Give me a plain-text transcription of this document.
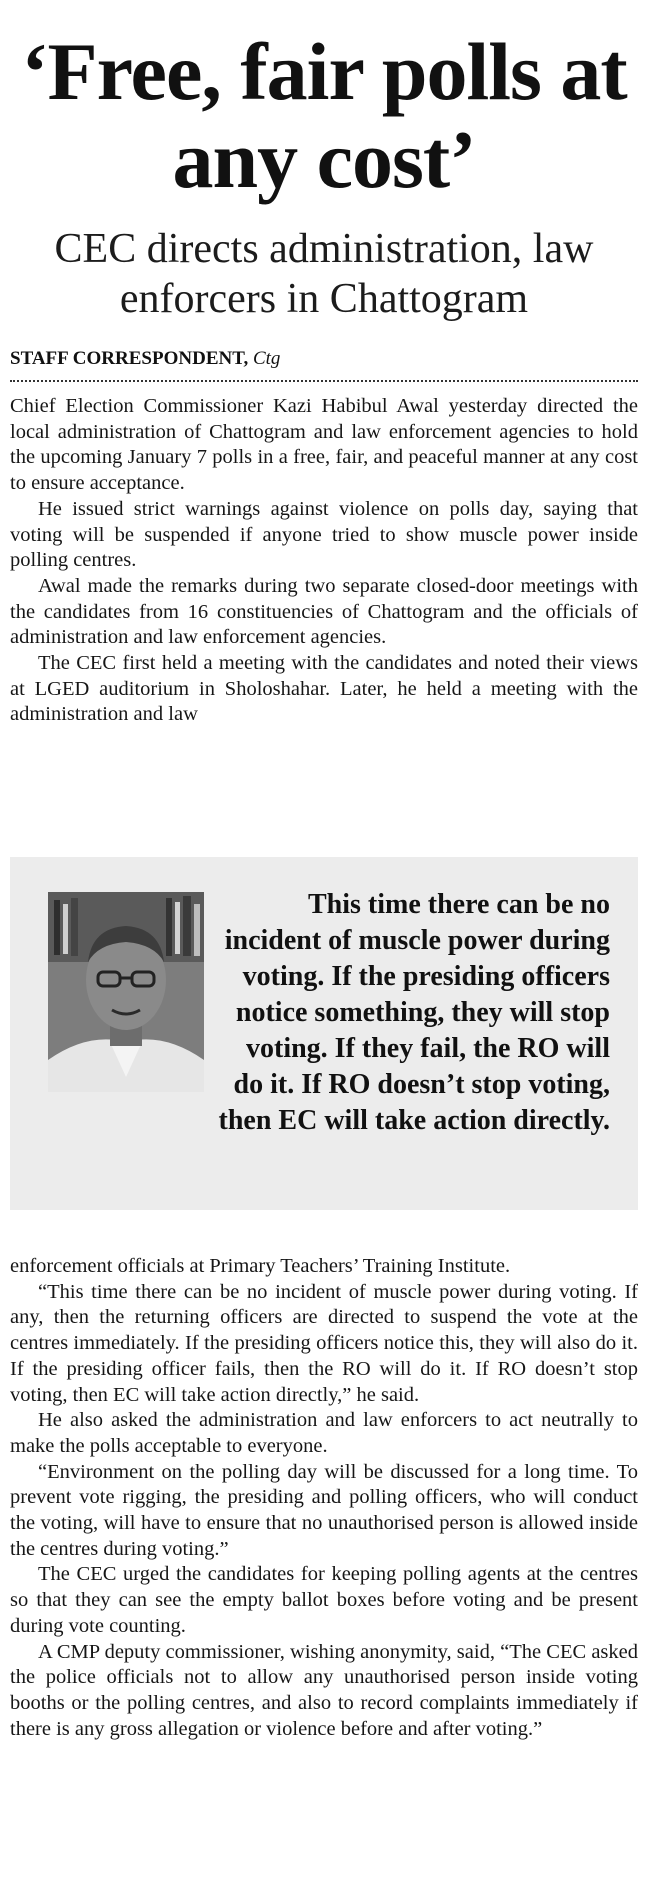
‘Free, fair polls at any cost’
CEC directs administration, law enforcers in Chattogram
STAFF CORRESPONDENT, Ctg

Chief Election Commissioner Kazi Habibul Awal yesterday directed the local administration of Chattogram and law enforcement agencies to hold the upcoming January 7 polls in a free, fair, and peaceful manner at any cost to ensure acceptance.

He issued strict warnings against violence on polls day, saying that voting will be suspended if anyone tried to show muscle power inside polling centres.

Awal made the remarks during two separate closed-door meetings with the candidates from 16 constituencies of Chattogram and the officials of administration and law enforcement agencies.

The CEC first held a meeting with the candidates and noted their views at LGED auditorium in Sholoshahar. Later, he held a meeting with the administration and law

This time there can be no incident of muscle power during voting. If the presiding officers notice something, they will stop voting. If they fail, the RO will do it. If RO doesn’t stop voting, then EC will take action directly.

enforcement officials at Primary Teachers’ Training Institute.

“This time there can be no incident of muscle power during voting. If any, then the returning officers are directed to suspend the vote at the centres immediately. If the presiding officers notice this, they will also do it. If the presiding officer fails, then the RO will do it. If RO doesn’t stop voting, then EC will take action directly,” he said.

He also asked the administration and law enforcers to act neutrally to make the polls acceptable to everyone.

“Environment on the polling day will be discussed for a long time. To prevent vote rigging, the presiding and polling officers, who will conduct the voting, will have to ensure that no unauthorised person is allowed inside the centres during voting.”

The CEC urged the candidates for keeping polling agents at the centres so that they can see the empty ballot boxes before voting and be present during vote counting.

A CMP deputy commissioner, wishing anonymity, said, “The CEC asked the police officials not to allow any unauthorised person inside voting booths or the polling centres, and also to record complaints immediately if there is any gross allegation or violence before and after voting.”
